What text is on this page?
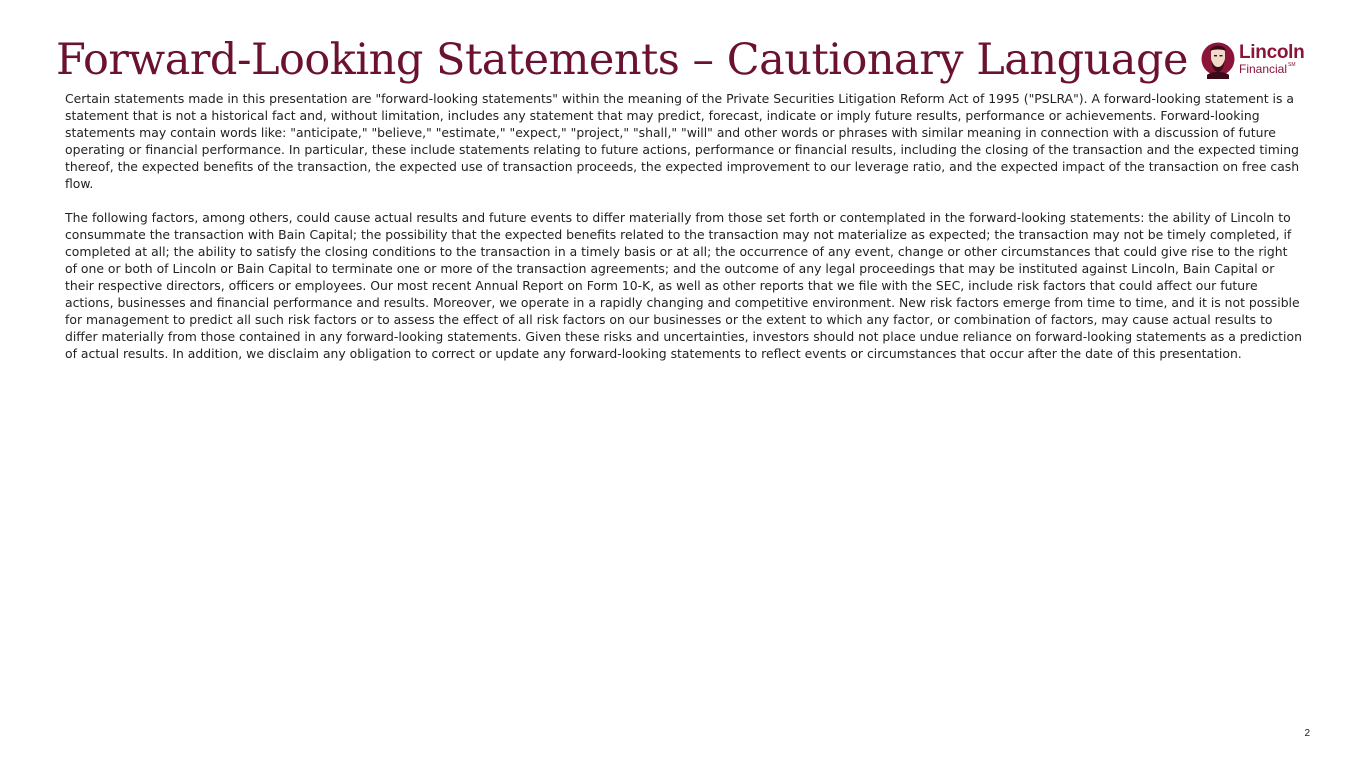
Forward-Looking Statements – Cautionary Language	Lincoln
Financial℠

Certain statements made in this presentation are "forward-looking statements" within the meaning of the Private Securities Litigation Reform Act of 1995 ("PSLRA"). A forward-looking statement is a statement that is not a historical fact and, without limitation, includes any statement that may predict, forecast, indicate or imply future results, performance or achievements. Forward-looking statements may contain words like: "anticipate," "believe," "estimate," "expect," "project," "shall," "will" and other words or phrases with similar meaning in connection with a discussion of future operating or financial performance. In particular, these include statements relating to future actions, performance or financial results, including the closing of the transaction and the expected timing thereof, the expected benefits of the transaction, the expected use of transaction proceeds, the expected improvement to our leverage ratio, and the expected impact of the transaction on free cash flow.

The following factors, among others, could cause actual results and future events to differ materially from those set forth or contemplated in the forward-looking statements: the ability of Lincoln to consummate the transaction with Bain Capital; the possibility that the expected benefits related to the transaction may not materialize as expected; the transaction may not be timely completed, if completed at all; the ability to satisfy the closing conditions to the transaction in a timely basis or at all; the occurrence of any event, change or other circumstances that could give rise to the right of one or both of Lincoln or Bain Capital to terminate one or more of the transaction agreements; and the outcome of any legal proceedings that may be instituted against Lincoln, Bain Capital or their respective directors, officers or employees. Our most recent Annual Report on Form 10-K, as well as other reports that we file with the SEC, include risk factors that could affect our future actions, businesses and financial performance and results. Moreover, we operate in a rapidly changing and competitive environment. New risk factors emerge from time to time, and it is not possible for management to predict all such risk factors or to assess the effect of all risk factors on our businesses or the extent to which any factor, or combination of factors, may cause actual results to differ materially from those contained in any forward-looking statements. Given these risks and uncertainties, investors should not place undue reliance on forward-looking statements as a prediction of actual results. In addition, we disclaim any obligation to correct or update any forward-looking statements to reflect events or circumstances that occur after the date of this presentation.

2
